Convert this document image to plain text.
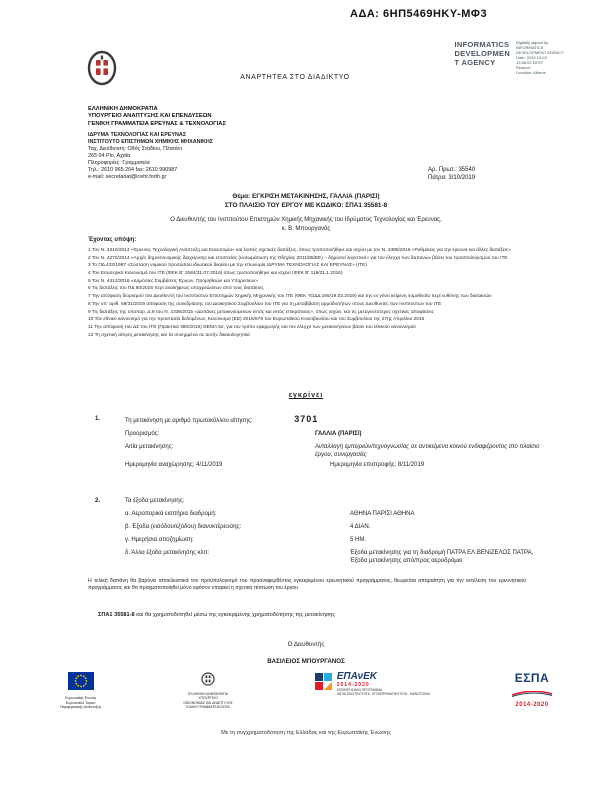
ΑΔΑ: 6ΗΠ5469ΗΚΥ-ΜΦ3
INFORMATICS
DEVELOPMEN
T AGENCY
Digitally signed by
INFORMATICS
DEVELOPMENT AGENCY
Date: 2019.10.03
13:58:02 EEST
Reason:
Location: Athens
ΑΝΑΡΤΗΤΕΑ ΣΤΟ ΔΙΑΔΙΚΤΥΟ
ΕΛΛΗΝΙΚΗ ΔΗΜΟΚΡΑΤΙΑ
ΥΠΟΥΡΓΕΙΟ ΑΝΑΠΤΥΞΗΣ ΚΑΙ ΕΠΕΝΔΥΣΕΩΝ
ΓΕΝΙΚΗ ΓΡΑΜΜΑΤΕΙΑ ΕΡΕΥΝΑΣ & ΤΕΧΝΟΛΟΓΙΑΣ
ΙΔΡΥΜΑ ΤΕΧΝΟΛΟΓΙΑΣ ΚΑΙ ΕΡΕΥΝΑΣ
ΙΝΣΤΙΤΟΥΤΟ ΕΠΙΣΤΗΜΩΝ ΧΗΜΙΚΗΣ ΜΗΧΑΝΙΚΗΣ
Ταχ. Διεύθυνση: Οδός Σταδίου, Πλατάνι
265 04 Ρίο, Αχαΐα
Πληροφορίες: Γραμματεία
Τηλ.: 2610 965 264 fax: 2610 990987
e-mail: secretariat@iceht.forth.gr
Αρ. Πρωτ.: 35540
Πάτρα: 3/10/2019
Θέμα: ΕΓΚΡΙΣΗ ΜΕΤΑΚΙΝΗΣΗΣ, ΓΑΛΛΙΑ (ΠΑΡΙΣΙ)
ΣΤΟ ΠΛΑΙΣΙΟ ΤΟΥ ΕΡΓΟΥ ΜΕ ΚΩΔΙΚΟ: ΣΠΑ1 35581-8
Ο Διευθυντής του Ινστιτούτου Επιστημών Χημικής Μηχανικής του Ιδρύματος Τεχνολογίας και Έρευνας,
κ. Β. Μπουργανός
Έχοντας υπόψη:
1 Τον Ν. 4310/2014 «Έρευνα, Τεχνολογική Ανάπτυξη και Καινοτομία» και λοιπές σχετικές διατάξεις, όπως τροποποιήθηκε και ισχύει με τον Ν. 4386/2016 «Ρυθμίσεις για την έρευνα και άλλες διατάξεις»
2 Τον Ν. 4270/2014 «Αρχές δημοσιονομικής διαχείρισης και εποπτείας (ενσωμάτωση της Οδηγίας 2011/85/ΕΕ) – δημόσιο λογιστικό» για τον έλεγχο των δαπανών βάσει του προϋπολογισμού του ΙΤΕ
3 Το ΠΔ 432/1987 «Σύσταση νομικού προσώπου ιδιωτικού δικαίου με την επωνυμία ΙΔΡΥΜΑ ΤΕΧΝΟΛΟΓΙΑΣ ΚΑΙ ΕΡΕΥΝΑΣ» (ΙΤΕ)
4 Τον Εσωτερικό Κανονισμό του ΙΤΕ (ΦΕΚ Β' 1584/31.07.2016) όπως τροποποιήθηκε και ισχύει (ΦΕΚ Β' 119/21.1.2016)
5 Τον Ν. 4412/2016 «Δημόσιες Συμβάσεις Έργων, Προμηθειών και Υπηρεσιών»
6 Τις διατάξεις του ΠΔ 80/2016 περί αναλήψεως υποχρεώσεων από τους διατάκτες
7 Την απόφαση διορισμού του Διευθυντή του Ινστιτούτου Επιστημών Χημικής Μηχανικής του ΙΤΕ (ΦΕΚ ΥΟΔΔ 165/19.03.2019) και την εν γένει κείμενη νομοθεσία περί ευθύνης των διατακτών
8 Την υπ' αριθ. 59/31/2019 απόφαση της συνεδρίασης του Διοικητικού Συμβουλίου του ΙΤΕ για τη μεταβίβαση αρμοδιοτήτων στους Διευθυντές των Ινστιτούτων του ΙΤΕ
9 Τις διατάξεις της υποπαρ. Δ.9 του Ν. 4336/2015 «Δαπάνες μετακινούμενων εντός και εκτός επικράτειας», όπως ισχύει, και τις μεταγενέστερες σχετικές αποφάσεις
10 Τον εθνικό κανονισμό για την προστασία δεδομένων, Κανονισμό (ΕΕ) 2016/679 του Ευρωπαϊκού Κοινοβουλίου και του Συμβουλίου της 27ης Απριλίου 2016
11 Την απόφαση του ΔΣ του ΙΤΕ (Πρακτικά 380/2019) ΘΕΜΑ 52, για τον τρόπο εφαρμογής και τον έλεγχο των μετακινήσεων βάσει του εθνικού κανονισμού
12 Τη σχετική αίτηση μετακίνησης και τα συνημμένα σε αυτήν δικαιολογητικά
εγκρίνει
1.	Τη μετακίνηση με αριθμό πρωτοκόλλου αίτησης:	3701
Προορισμός:	ΓΑΛΛΙΑ (ΠΑΡΙΣΙ)
Αιτία μετακίνησης:	Ανταλλαγή εμπειριών/τεχνογνωσίας σε αντικείμενα κοινού ενδιαφέροντος στο πλαίσιο έργου, συνεργασίες
Ημερομηνία αναχώρησης: 4/11/2019	Ημερομηνία επιστροφής: 8/11/2019
2.	Τα έξοδα μετακίνησης:
α. Αεροπορικά εισιτήρια διαδρομή:	ΑΘΗΝΑ ΠΑΡΙΣΙ ΑΘΗΝΑ
β. Έξοδα (εισόδου/εξόδου) διανυκτέρευσης:	4 ΔΙΑΝ.
γ. Ημερήσια αποζημίωση:	5 ΗΜ.
δ. Άλλα έξοδα μετακίνησης κλπ:	Έξοδα μετακίνησης για τη διαδρομή ΠΑΤΡΑ ΕΛ.ΒΕΝΙΖΕΛΟΣ ΠΑΤΡΑ,
Έξοδα μετακίνησης από/προς αεροδρόμιο
Η τελική δαπάνη θα βαρύνει αποκλειστικά τον προϋπολογισμό του προαναφερθέντος εγκεκριμένου ερευνητικού προγράμματος, θεωρείται απαραίτητη για την εκτέλεση του ερευνητικού προγράμματος και θα πραγματοποιηθεί μόνο εφόσον επαρκεί η σχετική πίστωση του έργου
ΣΠΑ1 35581-8 και θα χρηματοδοτηθεί μέσω της εγκεκριμένης χρηματοδότησης της μετακίνησης
Ο Διευθυντής
ΒΑΣΙΛΕΙΟΣ ΜΠΟΥΡΓΑΝΟΣ
Ευρωπαϊκή Ένωση
Ευρωπαϊκό Ταμείο
Περιφερειακής Ανάπτυξης
ΕΛΛΗΝΙΚΗ ΔΗΜΟΚΡΑΤΙΑ
ΥΠΟΥΡΓΕΙΟ
ΟΙΚΟΝΟΜΙΑΣ ΚΑΙ ΑΝΑΠΤΥΞΗΣ
ΕΙΔΙΚΗ ΓΡΑΜΜΑΤΕΙΑ ΕΣΠΑ
ΕΠΑνΕΚ
2014-2020
ΕΠΙΧΕΙΡΗΣΙΑΚΟ ΠΡΟΓΡΑΜΜΑ
ΑΝΤΑΓΩΝΙΣΤΙΚΟΤΗΤΑ · ΕΠΙΧΕΙΡΗΜΑΤΙΚΟΤΗΤΑ · ΚΑΙΝΟΤΟΜΙΑ
ΕΣΠΑ
2014-2020
Με τη συγχρηματοδότηση της Ελλάδας και της Ευρωπαϊκής Ένωσης
